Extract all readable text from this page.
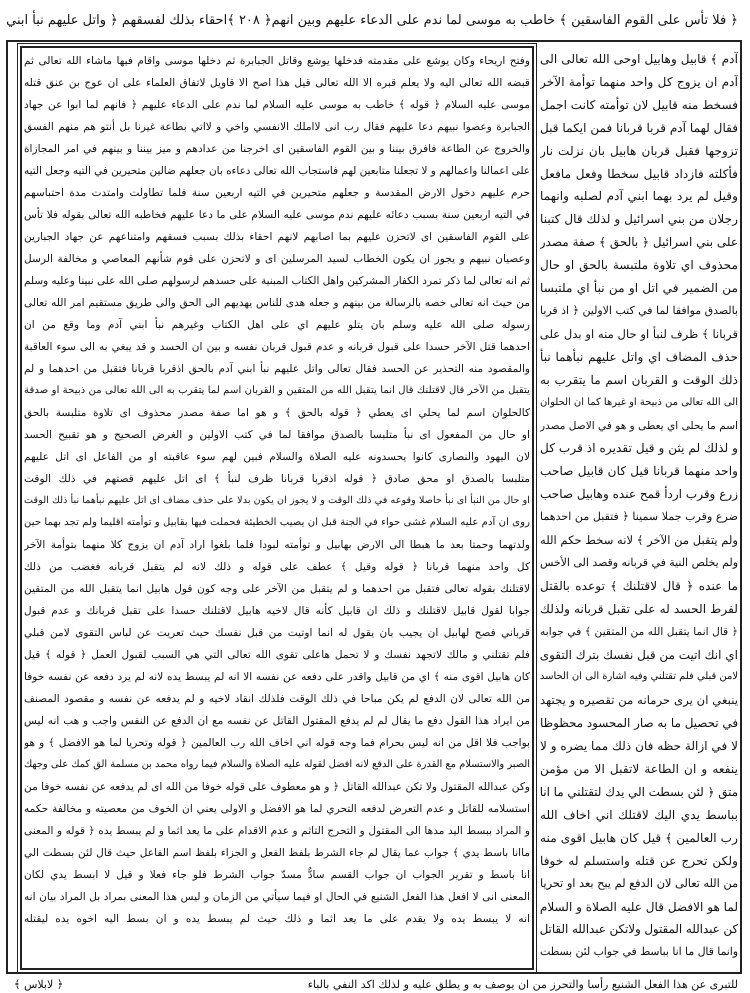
﴿ فلا تأس على القوم الفاسقين ﴾ خاطب به موسى لما ندم على الدعاء عليهم وبين انهم
﴿ ٢٠٨ ﴾
احقاء بذلك لفسقهم ﴿ واتل عليهم نبأ ابني
وفتح اريحاء وكان يوشع على مقدمته فدخلها يوشع وقاتل الجبابرة ثم دخلها موسى واقام فيها ماشاء الله تعالى ثم
قبضه الله تعالى اليه ولا يعلم قبره الا الله تعالى قيل هذا اصح الا قاويل لاتفاق العلماء على ان عوج بن عنق قتله
موسى عليه السلام ﴿ قوله ﴾ خاطب به موسى عليه السلام لما ندم على الدعاء عليهم ﴿ فانهم لما ابوا عن جهاد
الجبابرة وعصوا نبيهم دعا عليهم فقال رب انى لااملك الانفسي واخي و لااتي بطاعة غيرنا بل أنتو هم منهم الفسق
والخروج عن الطاعة فافرق بيننا و بين القوم الفاسقين اى اخرجنا من عدادهم و ميز بيننا و بينهم في امر المجازاة
على اعمالنا واعمالهم و لا تجعلنا متابعين لهم فاستجاب الله تعالى دعاءه بان جعلهم ضالين متحيرين في التيه وجعل التيه
حرم عليهم دخول الارض المقدسة و جعلهم متحيرين في التيه اربعين سنة فلما تطاولت وامتدت مدة احتباسهم
في التيه اربعين سنة بسبب دعائه عليهم ندم موسى عليه السلام على ما دعا عليهم فخاطبه الله تعالى بقوله فلا تأس
على القوم الفاسقين اى لاتحزن عليهم بما اصابهم لانهم احقاء بذلك بسبب فسقهم وامتناعهم عن جهاد الجبارين
وعصيان نبيهم و يجوز ان يكون الخطاب لسيد المرسلين اى و لاتحزن على قوم شأنهم المعاصي و مخالفة الرسل
ثم انه تعالى لما ذكر تمرد الكفار المشركين واهل الكتاب المبنية على حسدهم لرسولهم صلى الله على نبينا وعليه وسلم
من حيث انه تعالى خصه بالرسالة من بينهم و جعله هدى للناس يهديهم الى الحق والى طريق مستقيم امر الله تعالى
رسوله صلى الله عليه وسلم بان يتلو عليهم اي على اهل الكتاب وغيرهم نبأ ابني آدم وما وقع من ان
احدهما قتل الآخر حسدا على قبول قربانه و عدم قبول قربان نفسه و بين ان الحسد و قد يبغي به الى سوء العاقبة
والمقصود منه التحذير عن الحسد فقال تعالى واتل عليهم نبأ ابني آدم بالحق اذقربا قربانا فتقبل من احدهما و لم
يتقبل من الآخر قال لاقتلنك قال انما يتقبل الله من المتقين و القربان اسم لما يتقرب به الى الله تعالى من ذبيحة او صدقة
كالحلوان اسم لما يحلي اى يعطي ﴿ قوله بالحق ﴾ و هو اما صفة مصدر محذوف اى تلاوة متلبسة بالحق
او حال من المفعول اى نبأ متلبسا بالصدق موافقا لما في كتب الاولين و الغرض الصحيح و هو تقبيح الحسد
لان اليهود والنصارى كانوا يحسدونه عليه الصلاة والسلام فبين لهم سوء عاقبته او من الفاعل اى اتل عليهم
متلبسا بالصدق او محق صادق ﴿ قوله اذقربا قربانا ظرف لنبأ ﴾ اى اتل عليهم قصتهم في ذلك الوقت
او حال من النبأ اى نبأ حاصلا وقوعه في ذلك الوقت و لا يجوز ان يكون بدلا على حذف مضاف اى اتل عليهم نبأهما نبأ ذلك الوقت
روى ان آدم عليه السلام غشى حواء في الجنة قبل ان يصيب الخطيئة فحملت فيها بقابيل و توأمته اقليما ولم تجد بهما حين
ولدتهما وحمتا بعد ما هبطا الى الارض بهابيل و توأمته لبودا فلما بلغوا اراد آدم ان يزوج كلا منهما بتوأمة الآخر
كل واحد منهما قربانا ﴿ قوله وقيل ﴾ عطف على قوله و ذلك لانه لم يتقبل قربانه فغضب من ذلك
لاقتلنك بقوله تعالى فتقبل من احدهما و لم يتقبل من الآخر على وجه كون قول هابيل انما يتقبل الله من المتقين
جوابا لقول قابيل لاقتلنك و ذلك ان قابيل كأنه قال لاخيه هابيل لاقتلنك حسدا على تقبل قربانك و عدم قبول
قرباني فصح لهابيل ان يجيب بان يقول له انما اوتيت من قبل نفسك حيث تعريت عن لباس التقوى لامن قبلي
فلم تقتلني و مالك لاتجهد نفسك و لا تحمل هاعلى تقوى الله تعالى التي هي السبب لقبول العمل ﴿ قوله ﴾ قيل
كان هابيل اقوى منه ﴾ اي من قابيل واقدر على دفعه عن نفسه الا انه لم يبسط يده لانه لم يرد دفعه عن نفسه خوفا
من الله تعالى لان الدفع لم يكن مباحا في ذلك الوقت فلذلك انقاد لاخيه و لم يدفعه عن نفسه و مقصود المصنف
من ايراد هذا القول دفع ما يقال لم لم يدفع المقتول القاتل عن نفسه مع ان الدفع عن النفس واجب و هب انه ليس
بواجب فلا اقل من انه ليس بحرام فما وجه قوله اني اخاف الله رب العالمين ﴿ قوله وتحريا لما هو الافضل ﴾ و هو
الصبر والاستسلام مع القدرة على الدفع لانه افضل لقوله عليه الصلاة والسلام فيما رواه محمد بن مسلمة الق كمك على وجهك
وكن عبدالله المقتول ولا تكن عبدالله القاتل ﴿ و هو معطوف على قوله خوفا من الله اى لم يدفعه عن نفسه خوفا من
استسلامه للقاتل و عدم التعرض لدفعه التحري لما هو الافضل و الاولى يعني ان الخوف من معصيته و مخالفة حكمه
و المراد ببسط اليد مدها الى المقتول و التحرج التاثم و عدم الاقدام على ما يعد اثما و لم يبسط يده ﴿ قوله و المعنى
ماانا باسط يدي ﴾ جواب عما يقال لم جاء الشرط بلفظ الفعل و الجزاء بلفظ اسم الفاعل حيث قال لئن بسطت الي
انا باسط و تقرير الجواب ان جواب القسم سادٌّ مسدّ جواب الشرط فلو جاء فعلا و قيل لا ابسط يدي لكان
المعنى انى لا افعل هذا الفعل الشنيع في الحال او فيما سيأتي من الزمان و ليس هذا المعنى بمراد بل المراد بيان انه
انه لا يبسط يده ولا يقدم على ما يعد اثما و ذلك حيث لم يبسط يده و ان بسط اليه اخوه يده ليقتله
آدم ﴾ قابيل وهابيل اوحى الله تعالى الى
آدم ان يزوج كل واحد منهما توأمة الآخر
فسخط منه قابيل لان توأمته كانت اجمل
فقال لهما آدم قربا قربانا فمن ايكما قبل
تزوجها فقبل قربان هابيل بان نزلت نار
فأكلته فازداد قابيل سخطا وفعل مافعل
وقيل لم يرد بهما ابني آدم لصلبه وانهما
رجلان من بني اسرائيل و لذلك قال كتبنا
على بني اسرائيل ﴿ بالحق ﴾ صفة مصدر
محذوف اي تلاوة ملتبسة بالحق او حال
من الضمير في اتل او من نبأ اي ملتبسا
بالصدق موافقا لما في كتب الاولين ﴿ اذ قربا
قربانا ﴾ ظرف لنبأ او حال منه او بدل على
حذف المضاف اي واتل عليهم نبأهما نبأ
ذلك الوقت و القربان اسم ما يتقرب به
الى الله تعالى من ذبيحة او غيرها كما ان الحلوان
اسم ما يحلى اي يعطى و هو في الاصل مصدر
و لذلك لم يثن و قيل تقديره اذ قرب كل
واحد منهما قربانا قيل كان قابيل صاحب
زرع وقرب اردأ قمح عنده وهابيل صاحب
ضرع وقرب جملا سمينا ﴿ فتقبل من احدهما
ولم يتقبل من الآخر ﴾ لانه سخط حكم الله
ولم يخلص النية في قربانه وقصد الى الأخس
ما عنده ﴿ قال لاقتلنك ﴾ توعده بالقتل
لفرط الحسد له على تقبل قربانه ولذلك
﴿ قال انما يتقبل الله من المتقين ﴾ في جوابه
اي انك اتيت من قبل نفسك بترك التقوى
لامن قبلي فلم تقتلني وفيه اشارة الى ان الحاسد
ينبغي ان يرى حرمانه من تقصيره و يجتهد
في تحصيل ما به صار المحسود محظوظا
لا في ازالة حظه فان ذلك مما يضره و لا
ينفعه و ان الطاعة لاتقبل الا من مؤمن
متق ﴿ لئن بسطت الي يدك لتقتلني ما انا
بباسط يدي اليك لاقتلك اني اخاف الله
رب العالمين ﴾ قيل كان هابيل اقوى منه
ولكن تحرج عن قتله واستسلم له خوفا
من الله تعالى لان الدفع لم يبح بعد او تحريا
لما هو الافضل قال عليه الصلاة و السلام
كن عبدالله المقتول ولاتكن عبدالله القاتل
وانما قال ما انا بباسط في جواب لئن بسطت
للتبرى عن هذا الفعل الشنيع رأسا والتحرز من ان يوصف به و يطلق عليه و لذلك اكد النفي بالباء
﴿ لابلاس ﴾
